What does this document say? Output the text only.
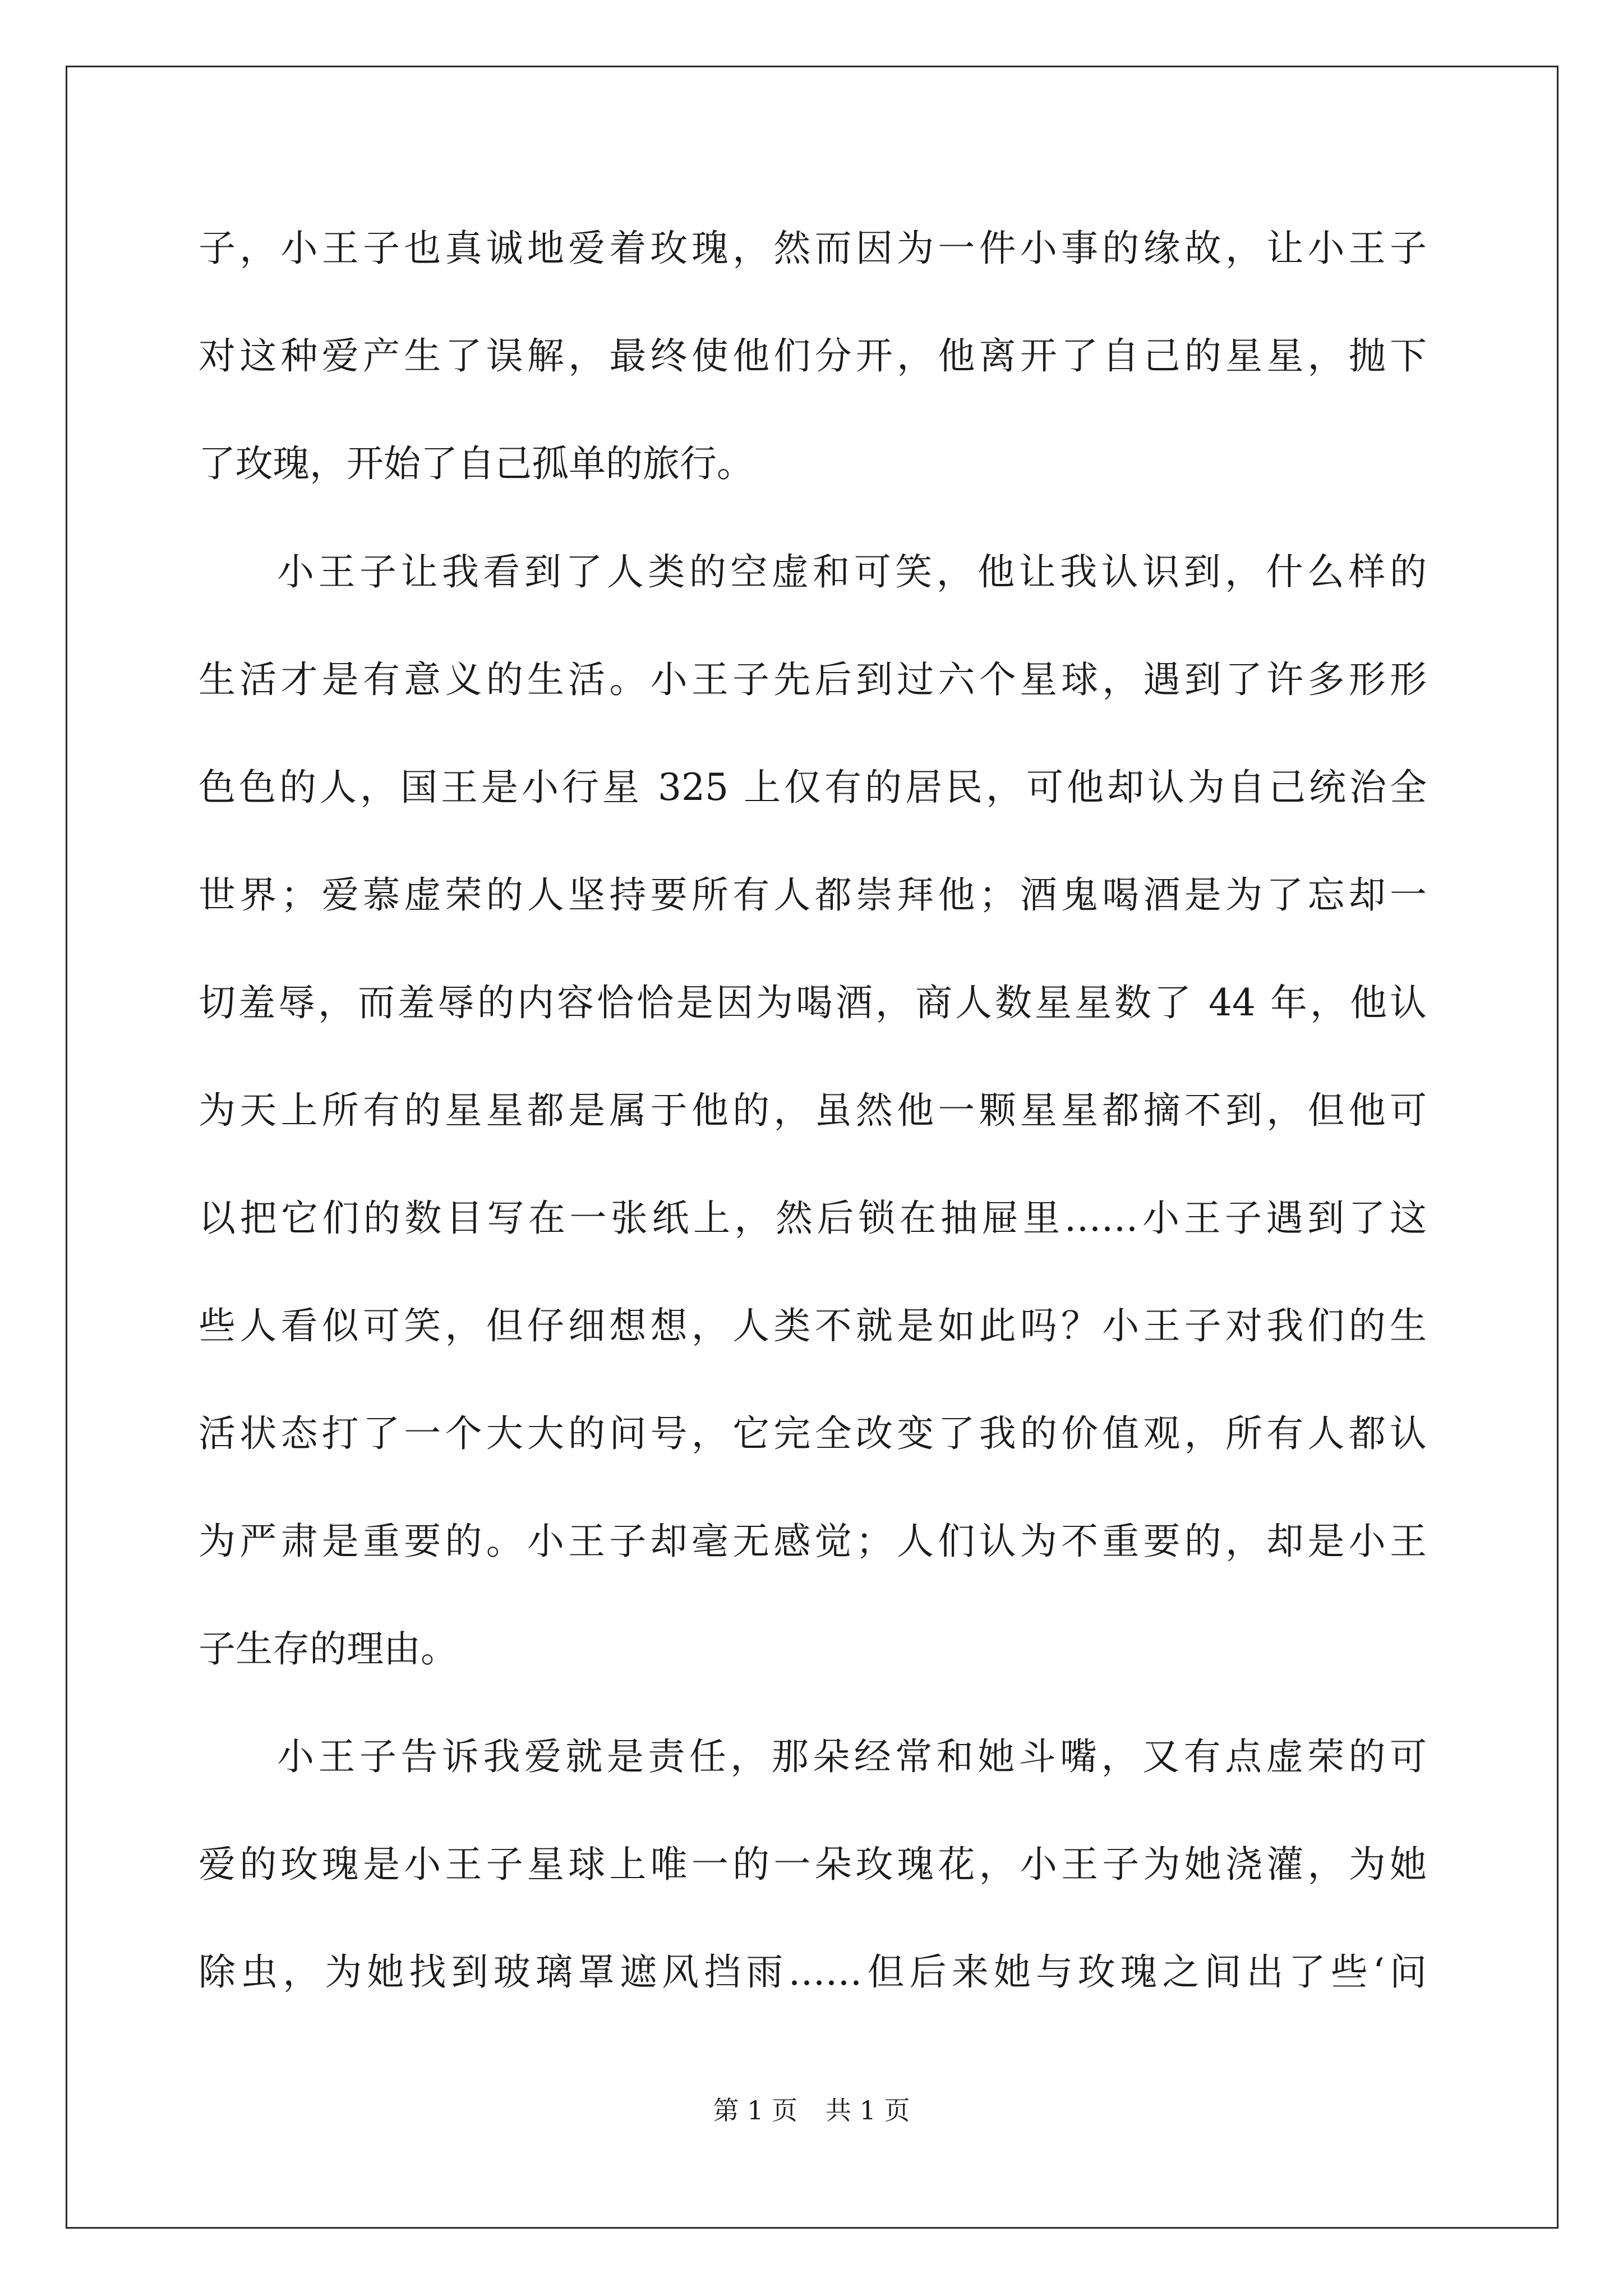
子，小王子也真诚地爱着玫瑰，然而因为一件小事的缘故，让小王子
对这种爱产生了误解，最终使他们分开，他离开了自己的星星，抛下
了玫瑰，开始了自己孤单的旅行。
小王子让我看到了人类的空虚和可笑，他让我认识到，什么样的
生活才是有意义的生活。小王子先后到过六个星球，遇到了许多形形
色色的人，国王是小行星 325 上仅有的居民，可他却认为自己统治全
世界；爱慕虚荣的人坚持要所有人都崇拜他；酒鬼喝酒是为了忘却一
切羞辱，而羞辱的内容恰恰是因为喝酒，商人数星星数了 44 年，他认
为天上所有的星星都是属于他的，虽然他一颗星星都摘不到，但他可
以把它们的数目写在一张纸上，然后锁在抽屉里……小王子遇到了这
些人看似可笑，但仔细想想，人类不就是如此吗？小王子对我们的生
活状态打了一个大大的问号，它完全改变了我的价值观，所有人都认
为严肃是重要的。小王子却毫无感觉；人们认为不重要的，却是小王
子生存的理由。
小王子告诉我爱就是责任，那朵经常和她斗嘴，又有点虚荣的可
爱的玫瑰是小王子星球上唯一的一朵玫瑰花，小王子为她浇灌，为她
除虫，为她找到玻璃罩遮风挡雨……但后来她与玫瑰之间出了些‘问
第 1 页 共 1 页
